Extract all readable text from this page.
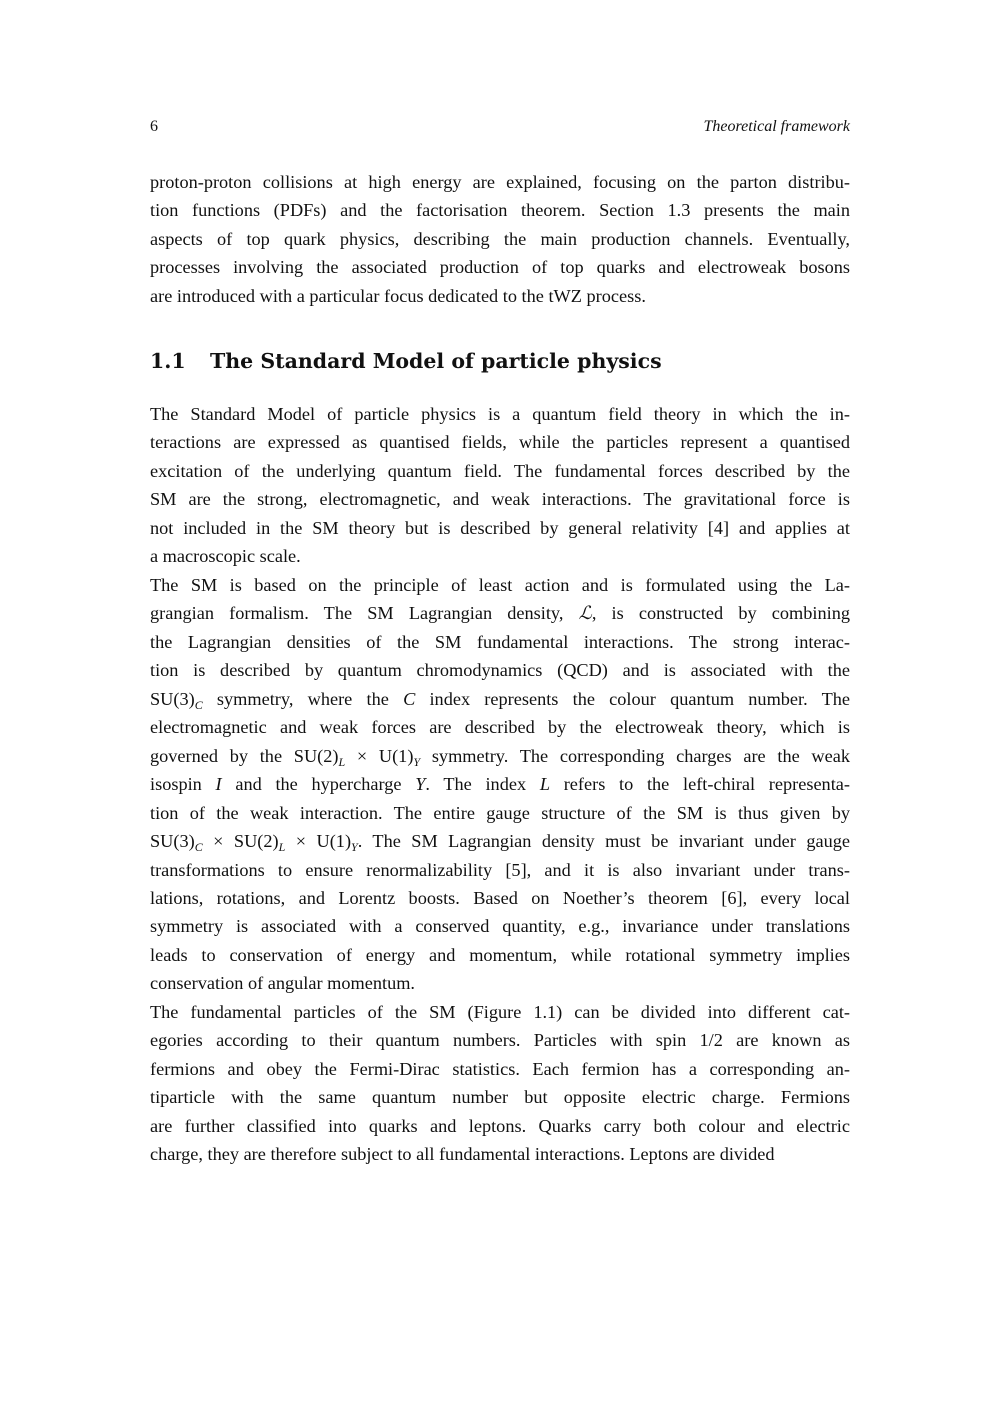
6	Theoretical framework
1.1 The Standard Model of particle physics
proton-proton collisions at high energy are explained, focusing on the parton distribu-
tion functions (PDFs) and the factorisation theorem. Section 1.3 presents the main
aspects of top quark physics, describing the main production channels. Eventually,
processes involving the associated production of top quarks and electroweak bosons
are introduced with a particular focus dedicated to the tWZ process.
The Standard Model of particle physics is a quantum field theory in which the in-
teractions are expressed as quantised fields, while the particles represent a quantised
excitation of the underlying quantum field. The fundamental forces described by the
SM are the strong, electromagnetic, and weak interactions. The gravitational force is
not included in the SM theory but is described by general relativity [4] and applies at
a macroscopic scale.
The SM is based on the principle of least action and is formulated using the La-
grangian formalism. The SM Lagrangian density, ℒ, is constructed by combining
the Lagrangian densities of the SM fundamental interactions. The strong interac-
tion is described by quantum chromodynamics (QCD) and is associated with the
$SU(3)_C$ symmetry, where the C index represents the colour quantum number. The
electromagnetic and weak forces are described by the electroweak theory, which is
governed by the $SU(2)_L \times U(1)_Y$ symmetry. The corresponding charges are the weak
isospin I and the hypercharge Y. The index L refers to the left-chiral representa-
tion of the weak interaction. The entire gauge structure of the SM is thus given by
$SU(3)_C \times SU(2)_L \times U(1)_Y$. The SM Lagrangian density must be invariant under gauge
transformations to ensure renormalizability [5], and it is also invariant under trans-
lations, rotations, and Lorentz boosts. Based on Noether’s theorem [6], every local
symmetry is associated with a conserved quantity, e.g., invariance under translations
leads to conservation of energy and momentum, while rotational symmetry implies
conservation of angular momentum.
The fundamental particles of the SM (Figure 1.1) can be divided into different cat-
egories according to their quantum numbers. Particles with spin 1/2 are known as
fermions and obey the Fermi-Dirac statistics. Each fermion has a corresponding an-
tiparticle with the same quantum number but opposite electric charge. Fermions
are further classified into quarks and leptons. Quarks carry both colour and electric
charge, they are therefore subject to all fundamental interactions. Leptons are divided
